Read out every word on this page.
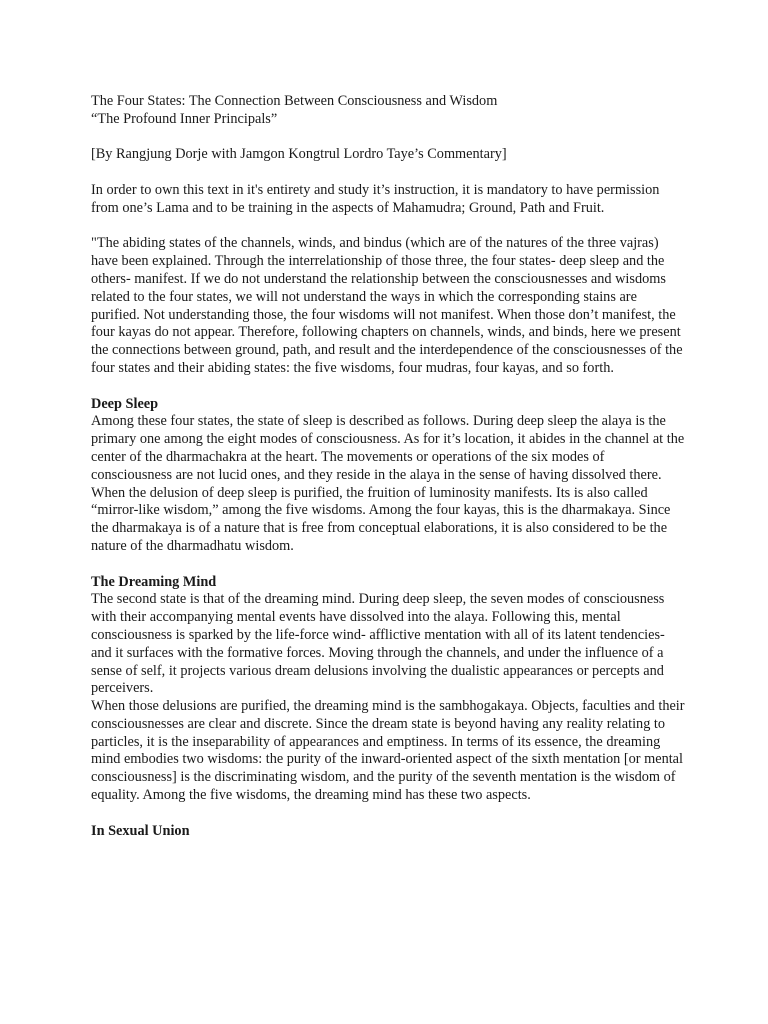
The Four States: The Connection Between Consciousness and Wisdom

“The Profound Inner Principals”

[By Rangjung Dorje with Jamgon Kongtrul Lordro Taye’s Commentary]

In order to own this text in it's entirety and study it’s instruction, it is mandatory to have permission from one’s Lama and to be training in the aspects of Mahamudra; Ground, Path and Fruit.

"The abiding states of the channels, winds, and bindus (which are of the natures of the three vajras) have been explained. Through the interrelationship of those three, the four states- deep sleep and the others- manifest. If we do not understand the relationship between the consciousnesses and wisdoms related to the four states, we will not understand the ways in which the corresponding stains are purified. Not understanding those, the four wisdoms will not manifest. When those don’t manifest, the four kayas do not appear. Therefore, following chapters on channels, winds, and binds, here we present the connections between ground, path, and result and the interdependence of the consciousnesses of the four states and their abiding states: the five wisdoms, four mudras, four kayas, and so forth.

Deep Sleep

Among these four states, the state of sleep is described as follows. During deep sleep the alaya is the primary one among the eight modes of consciousness. As for it’s location, it abides in the channel at the center of the dharmachakra at the heart. The movements or operations of the six modes of consciousness are not lucid ones, and they reside in the alaya in the sense of having dissolved there.

When the delusion of deep sleep is purified, the fruition of luminosity manifests. Its is also called “mirror-like wisdom,” among the five wisdoms. Among the four kayas, this is the dharmakaya. Since the dharmakaya is of a nature that is free from conceptual elaborations, it is also considered to be the nature of the dharmadhatu wisdom.

The Dreaming Mind

The second state is that of the dreaming mind. During deep sleep, the seven modes of consciousness with their accompanying mental events have dissolved into the alaya. Following this, mental consciousness is sparked by the life-force wind- afflictive mentation with all of its latent tendencies- and it surfaces with the formative forces. Moving through the channels, and under the influence of a sense of self, it projects various dream delusions involving the dualistic appearances or percepts and perceivers.

When those delusions are purified, the dreaming mind is the sambhogakaya. Objects, faculties and their consciousnesses are clear and discrete. Since the dream state is beyond having any reality relating to particles, it is the inseparability of appearances and emptiness. In terms of its essence, the dreaming mind embodies two wisdoms: the purity of the inward-oriented aspect of the sixth mentation [or mental consciousness] is the discriminating wisdom, and the purity of the seventh mentation is the wisdom of equality. Among the five wisdoms, the dreaming mind has these two aspects.

In Sexual Union
